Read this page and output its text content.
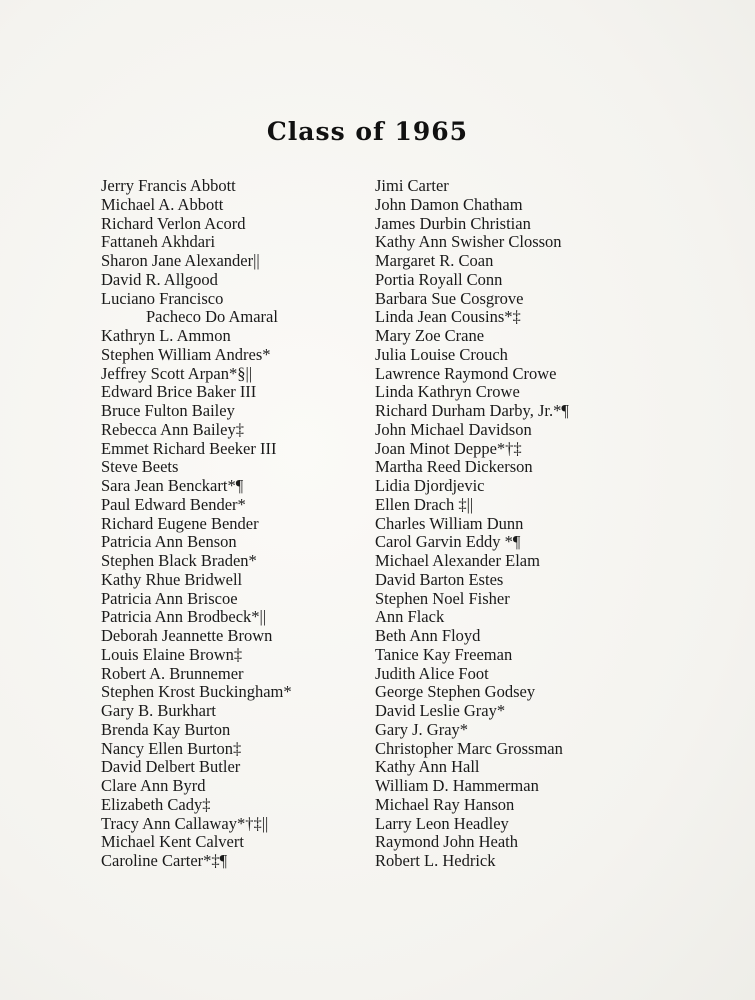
Class of 1965
Jerry Francis Abbott
Michael A. Abbott
Richard Verlon Acord
Fattaneh Akhdari
Sharon Jane Alexander||
David R. Allgood
Luciano Francisco
Pacheco Do Amaral
Kathryn L. Ammon
Stephen William Andres*
Jeffrey Scott Arpan*§||
Edward Brice Baker III
Bruce Fulton Bailey
Rebecca Ann Bailey‡
Emmet Richard Beeker III
Steve Beets
Sara Jean Benckart*¶
Paul Edward Bender*
Richard Eugene Bender
Patricia Ann Benson
Stephen Black Braden*
Kathy Rhue Bridwell
Patricia Ann Briscoe
Patricia Ann Brodbeck*||
Deborah Jeannette Brown
Louis Elaine Brown‡
Robert A. Brunnemer
Stephen Krost Buckingham*
Gary B. Burkhart
Brenda Kay Burton
Nancy Ellen Burton‡
David Delbert Butler
Clare Ann Byrd
Elizabeth Cady‡
Tracy Ann Callaway*†‡||
Michael Kent Calvert
Caroline Carter*‡¶
Jimi Carter
John Damon Chatham
James Durbin Christian
Kathy Ann Swisher Closson
Margaret R. Coan
Portia Royall Conn
Barbara Sue Cosgrove
Linda Jean Cousins*‡
Mary Zoe Crane
Julia Louise Crouch
Lawrence Raymond Crowe
Linda Kathryn Crowe
Richard Durham Darby, Jr.*¶
John Michael Davidson
Joan Minot Deppe*†‡
Martha Reed Dickerson
Lidia Djordjevic
Ellen Drach ‡||
Charles William Dunn
Carol Garvin Eddy *¶
Michael Alexander Elam
David Barton Estes
Stephen Noel Fisher
Ann Flack
Beth Ann Floyd
Tanice Kay Freeman
Judith Alice Foot
George Stephen Godsey
David Leslie Gray*
Gary J. Gray*
Christopher Marc Grossman
Kathy Ann Hall
William D. Hammerman
Michael Ray Hanson
Larry Leon Headley
Raymond John Heath
Robert L. Hedrick
